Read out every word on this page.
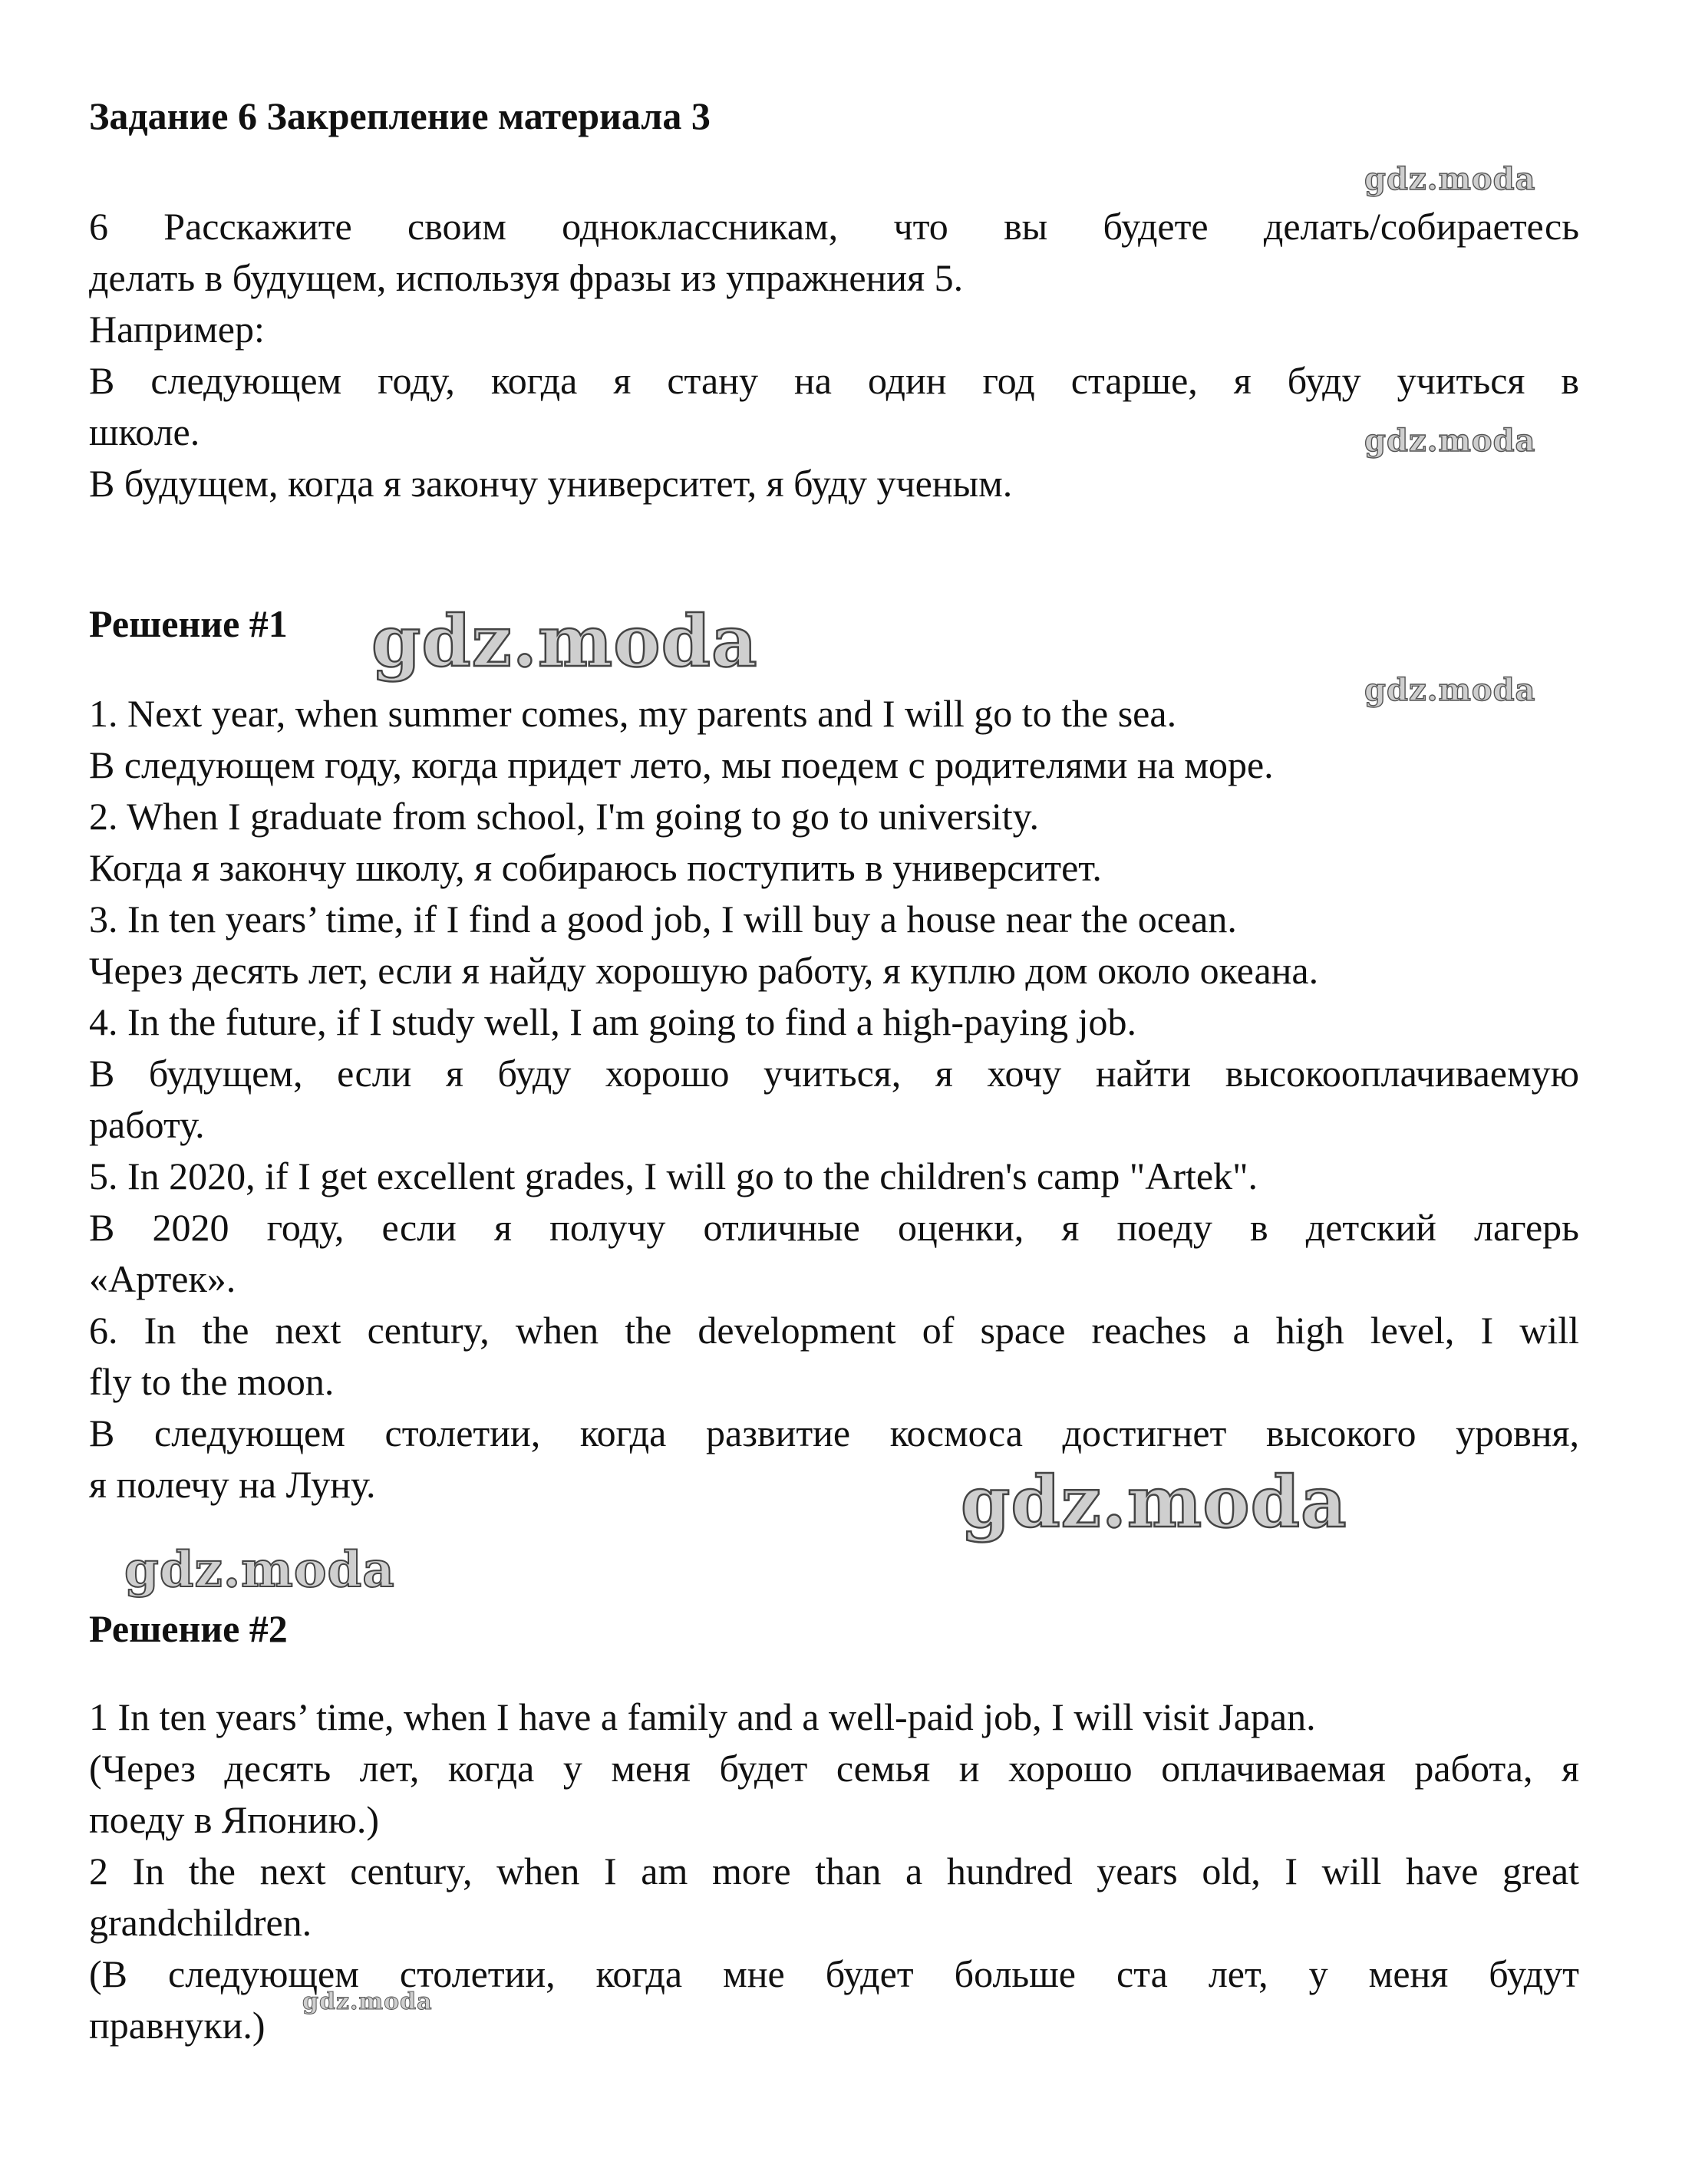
Задание 6 Закрепление материала 3
6 Расскажите своим одноклассникам, что вы будете делать/собираетесь
делать в будущем, используя фразы из упражнения 5.
Например:
В следующем году, когда я стану на один год старше, я буду учиться в
школе.
В будущем, когда я закончу университет, я буду ученым.
Решение #1
1. Next year, when summer comes, my parents and I will go to the sea.
В следующем году, когда придет лето, мы поедем с родителями на море.
2. When I graduate from school, I'm going to go to university.
Когда я закончу школу, я собираюсь поступить в университет.
3. In ten years’ time, if I find a good job, I will buy a house near the ocean.
Через десять лет, если я найду хорошую работу, я куплю дом около океана.
4. In the future, if I study well, I am going to find a high-paying job.
В будущем, если я буду хорошо учиться, я хочу найти высокооплачиваемую
работу.
5. In 2020, if I get excellent grades, I will go to the children's camp "Artek".
В 2020 году, если я получу отличные оценки, я поеду в детский лагерь
«Артек».
6. In the next century, when the development of space reaches a high level, I will
fly to the moon.
В следующем столетии, когда развитие космоса достигнет высокого уровня,
я полечу на Луну.
Решение #2
1 In ten years’ time, when I have a family and a well-paid job, I will visit Japan.
(Через десять лет, когда у меня будет семья и хорошо оплачиваемая работа, я
поеду в Японию.)
2 In the next century, when I am more than a hundred years old, I will have great
grandchildren.
(В следующем столетии, когда мне будет больше ста лет, у меня будут
правнуки.)
gdz.moda
gdz.moda
gdz.moda
gdz.moda
gdz.moda
gdz.moda
gdz.moda
